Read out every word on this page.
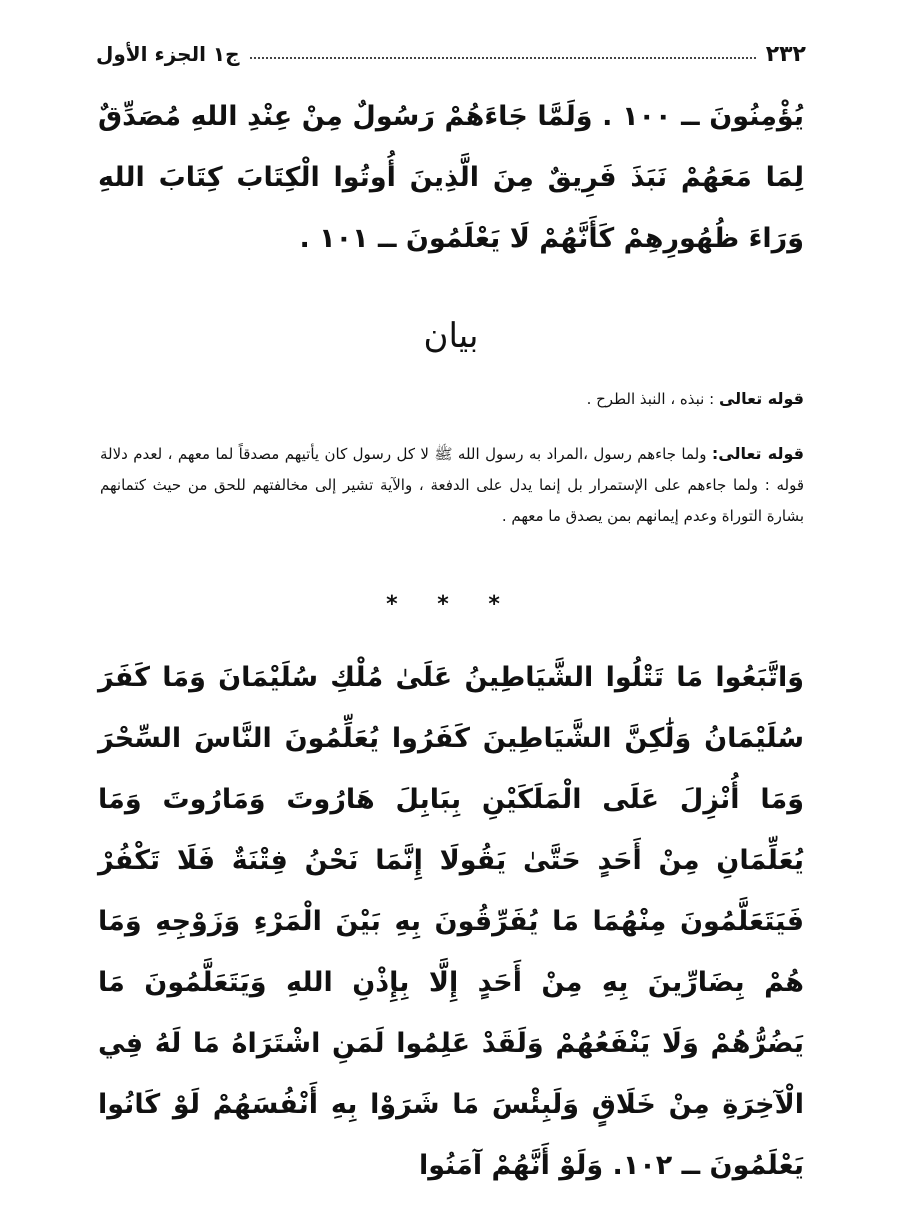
٢٣٢
ج١ الجزء الأول
يُؤْمِنُونَ ــ ١٠٠ . وَلَمَّا جَاءَهُمْ رَسُولٌ مِنْ عِنْدِ اللهِ مُصَدِّقٌ لِمَا مَعَهُمْ نَبَذَ فَرِيقٌ مِنَ الَّذِينَ أُوتُوا الْكِتَابَ كِتَابَ اللهِ وَرَاءَ ظُهُورِهِمْ كَأَنَّهُمْ لَا يَعْلَمُونَ ــ ١٠١ .
بيان
قوله تعالى : نبذه ، النبذ الطرح .
قوله تعالى: ولما جاءهم رسول ،المراد به رسول الله ﷺ لا كل رسول كان يأتيهم مصدقاً لما معهم ، لعدم دلالة قوله : ولما جاءهم على الإستمرار بل إنما يدل على الدفعة ، والآية تشير إلى مخالفتهم للحق من حيث كتمانهم بشارة التوراة وعدم إيمانهم بمن يصدق ما معهم .
* * *
وَاتَّبَعُوا مَا تَتْلُوا الشَّيَاطِينُ عَلَىٰ مُلْكِ سُلَيْمَانَ وَمَا كَفَرَ سُلَيْمَانُ وَلَٰكِنَّ الشَّيَاطِينَ كَفَرُوا يُعَلِّمُونَ النَّاسَ السِّحْرَ وَمَا أُنْزِلَ عَلَى الْمَلَكَيْنِ بِبَابِلَ هَارُوتَ وَمَارُوتَ وَمَا يُعَلِّمَانِ مِنْ أَحَدٍ حَتَّىٰ يَقُولَا إِنَّمَا نَحْنُ فِتْنَةٌ فَلَا تَكْفُرْ فَيَتَعَلَّمُونَ مِنْهُمَا مَا يُفَرِّقُونَ بِهِ بَيْنَ الْمَرْءِ وَزَوْجِهِ وَمَا هُمْ بِضَارِّينَ بِهِ مِنْ أَحَدٍ إِلَّا بِإِذْنِ اللهِ وَيَتَعَلَّمُونَ مَا يَضُرُّهُمْ وَلَا يَنْفَعُهُمْ وَلَقَدْ عَلِمُوا لَمَنِ اشْتَرَاهُ مَا لَهُ فِي الْآخِرَةِ مِنْ خَلَاقٍ وَلَبِئْسَ مَا شَرَوْا بِهِ أَنْفُسَهُمْ لَوْ كَانُوا يَعْلَمُونَ ــ ١٠٢. وَلَوْ أَنَّهُمْ آمَنُوا
